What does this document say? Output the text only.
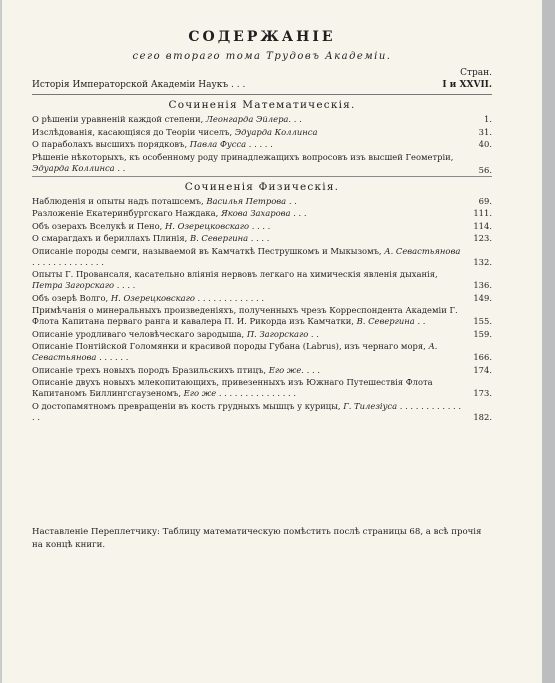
СОДЕРЖАНІЕ

сего втораго тома Трудовъ Академіи.

Стран.
Исторія Императорской Академіи Наукъ . . .	I и XXVII.
Сочиненія Математическія.
О рѣшеніи уравненій каждой степени, Леонгарда Эйлера. . .	1.
Изслѣдованія, касающіяся до Теоріи чиселъ, Эдуарда Коллинса	31.
О параболахъ высшихъ порядковъ, Павла Фусса . . . . .	40.
Рѣшеніе нѣкоторыхъ, къ особенному роду принадлежащихъ вопросовъ изъ высшей Геометріи, Эдуарда Коллинса . .	56.
Сочиненія Физическія.
Наблюденія и опыты надъ поташсемъ, Василья Петрова . .	69.
Разложеніе Екатеринбургскаго Наждака, Якова Захарова . . .	111.
Объ озерахъ Вселукѣ и Пено, Н. Озерецковскаго . . . .	114.
О смарагдахъ и бериллахъ Плинія, В. Севергина . . . .	123.
Описаніе породы семги, называемой въ Камчаткѣ Пеструшкомъ и Мыкызомъ, А. Севастьянова . . . . . . . . . . . . . .	132.
Опыты Г. Провансаля, касательно вліянія нервовъ легкаго на химическія явленія дыханія, Петра Загорскаго . . . .	136.
Объ озерѣ Волго, Н. Озерецковскаго . . . . . . . . . . . . .	149.
Примѣчанія о минеральныхъ произведеніяхъ, полученныхъ чрезъ Корреспондента Академіи Г. Флота Капитана перваго ранга и кавалера П. И. Рикорда изъ Камчатки, В. Севергина . .	155.
Описаніе уродливаго человѣческаго зародыша, П. Загорскаго . .	159.
Описаніе Понтійской Голомянки и красивой породы Губана (Labrus), изъ чернаго моря, А. Севастьянова . . . . . .	166.
Описаніе трехъ новыхъ породъ Бразильскихъ птицъ, Его же. . . .	174.
Описаніе двухъ новыхъ млекопитающихъ, привезенныхъ изъ Южнаго Путешествія Флота Капитаномъ Биллингсгаузеномъ, Его же . . . . . . . . . . . . . . .	173.
О достопамятномъ превращеніи въ кость грудныхъ мышцъ у курицы, Г. Тилезіуса . . . . . . . . . . . . . .	182.
Наставленіе Переплетчику: Таблицу математическую помѣстить послѣ страницы 68, а всѣ прочія на концѣ книги.
